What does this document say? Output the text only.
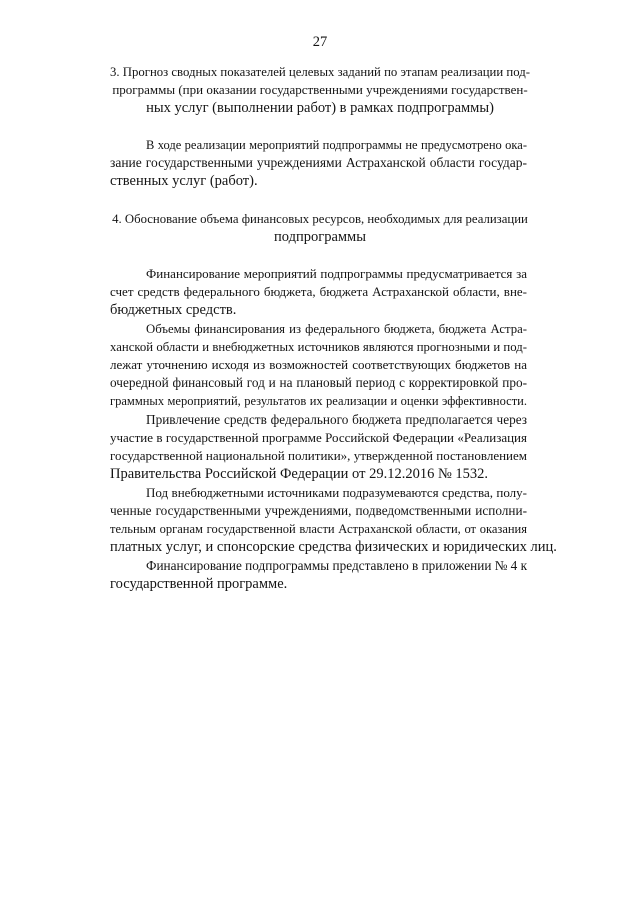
27
3. Прогноз сводных показателей целевых заданий по этапам реализации под-
программы (при оказании государственными учреждениями государствен-
ных услуг (выполнении работ) в рамках подпрограммы)
В ходе реализации мероприятий подпрограммы не предусмотрено ока-
зание государственными учреждениями Астраханской области государ-
ственных услуг (работ).
4. Обоснование объема финансовых ресурсов, необходимых для реализации
подпрограммы
Финансирование мероприятий подпрограммы предусматривается за
счет средств федерального бюджета, бюджета Астраханской области, вне-
бюджетных средств.
Объемы финансирования из федерального бюджета, бюджета Астра-
ханской области и внебюджетных источников являются прогнозными и под-
лежат уточнению исходя из возможностей соответствующих бюджетов на
очередной финансовый год и на плановый период с корректировкой про-
граммных мероприятий, результатов их реализации и оценки эффективности.
Привлечение средств федерального бюджета предполагается через
участие в государственной программе Российской Федерации «Реализация
государственной национальной политики», утвержденной постановлением
Правительства Российской Федерации от 29.12.2016 № 1532.
Под внебюджетными источниками подразумеваются средства, полу-
ченные государственными учреждениями, подведомственными исполни-
тельным органам государственной власти Астраханской области, от оказания
платных услуг, и спонсорские средства физических и юридических лиц.
Финансирование подпрограммы представлено в приложении № 4 к
государственной программе.
